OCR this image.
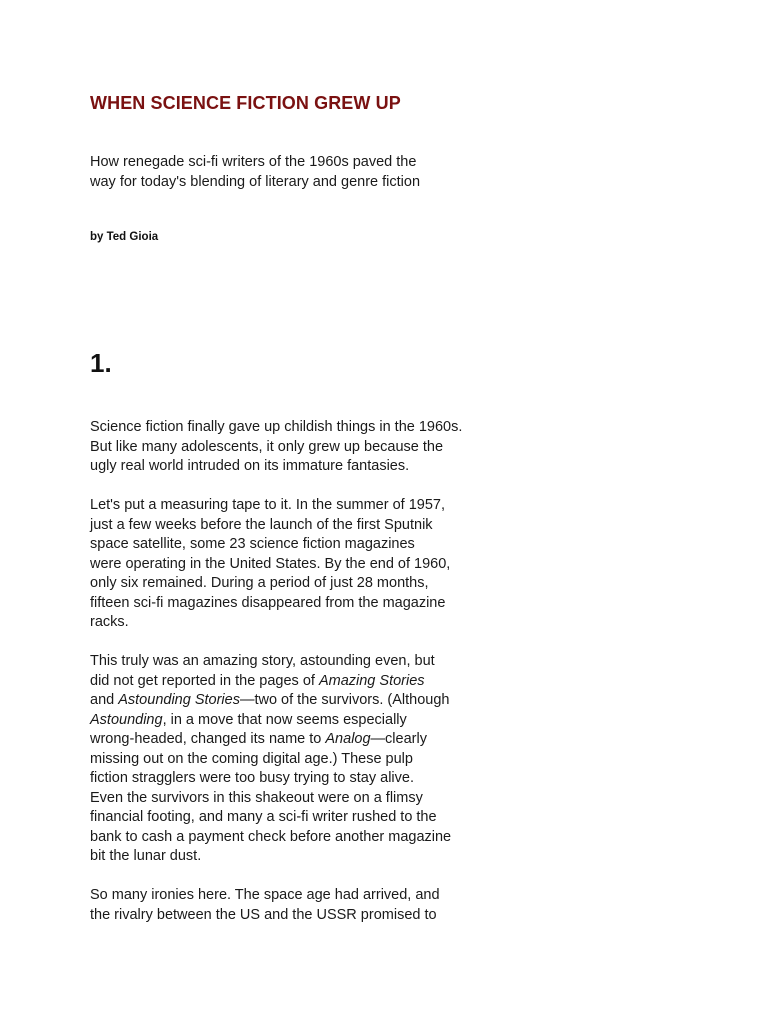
WHEN SCIENCE FICTION GREW UP

How renegade sci-fi writers of the 1960s paved the
way for today's blending of literary and genre fiction

by Ted Gioia

1.

Science fiction finally gave up childish things in the 1960s.
But like many adolescents, it only grew up because the
ugly real world intruded on its immature fantasies.

Let's put a measuring tape to it. In the summer of 1957,
just a few weeks before the launch of the first Sputnik
space satellite, some 23 science fiction magazines
were operating in the United States. By the end of 1960,
only six remained. During a period of just 28 months,
fifteen sci-fi magazines disappeared from the magazine
racks.

This truly was an amazing story, astounding even, but
did not get reported in the pages of Amazing Stories
and Astounding Stories—two of the survivors. (Although
Astounding, in a move that now seems especially
wrong-headed, changed its name to Analog—clearly
missing out on the coming digital age.) These pulp
fiction stragglers were too busy trying to stay alive.
Even the survivors in this shakeout were on a flimsy
financial footing, and many a sci-fi writer rushed to the
bank to cash a payment check before another magazine
bit the lunar dust.

So many ironies here. The space age had arrived, and
the rivalry between the US and the USSR promised to
